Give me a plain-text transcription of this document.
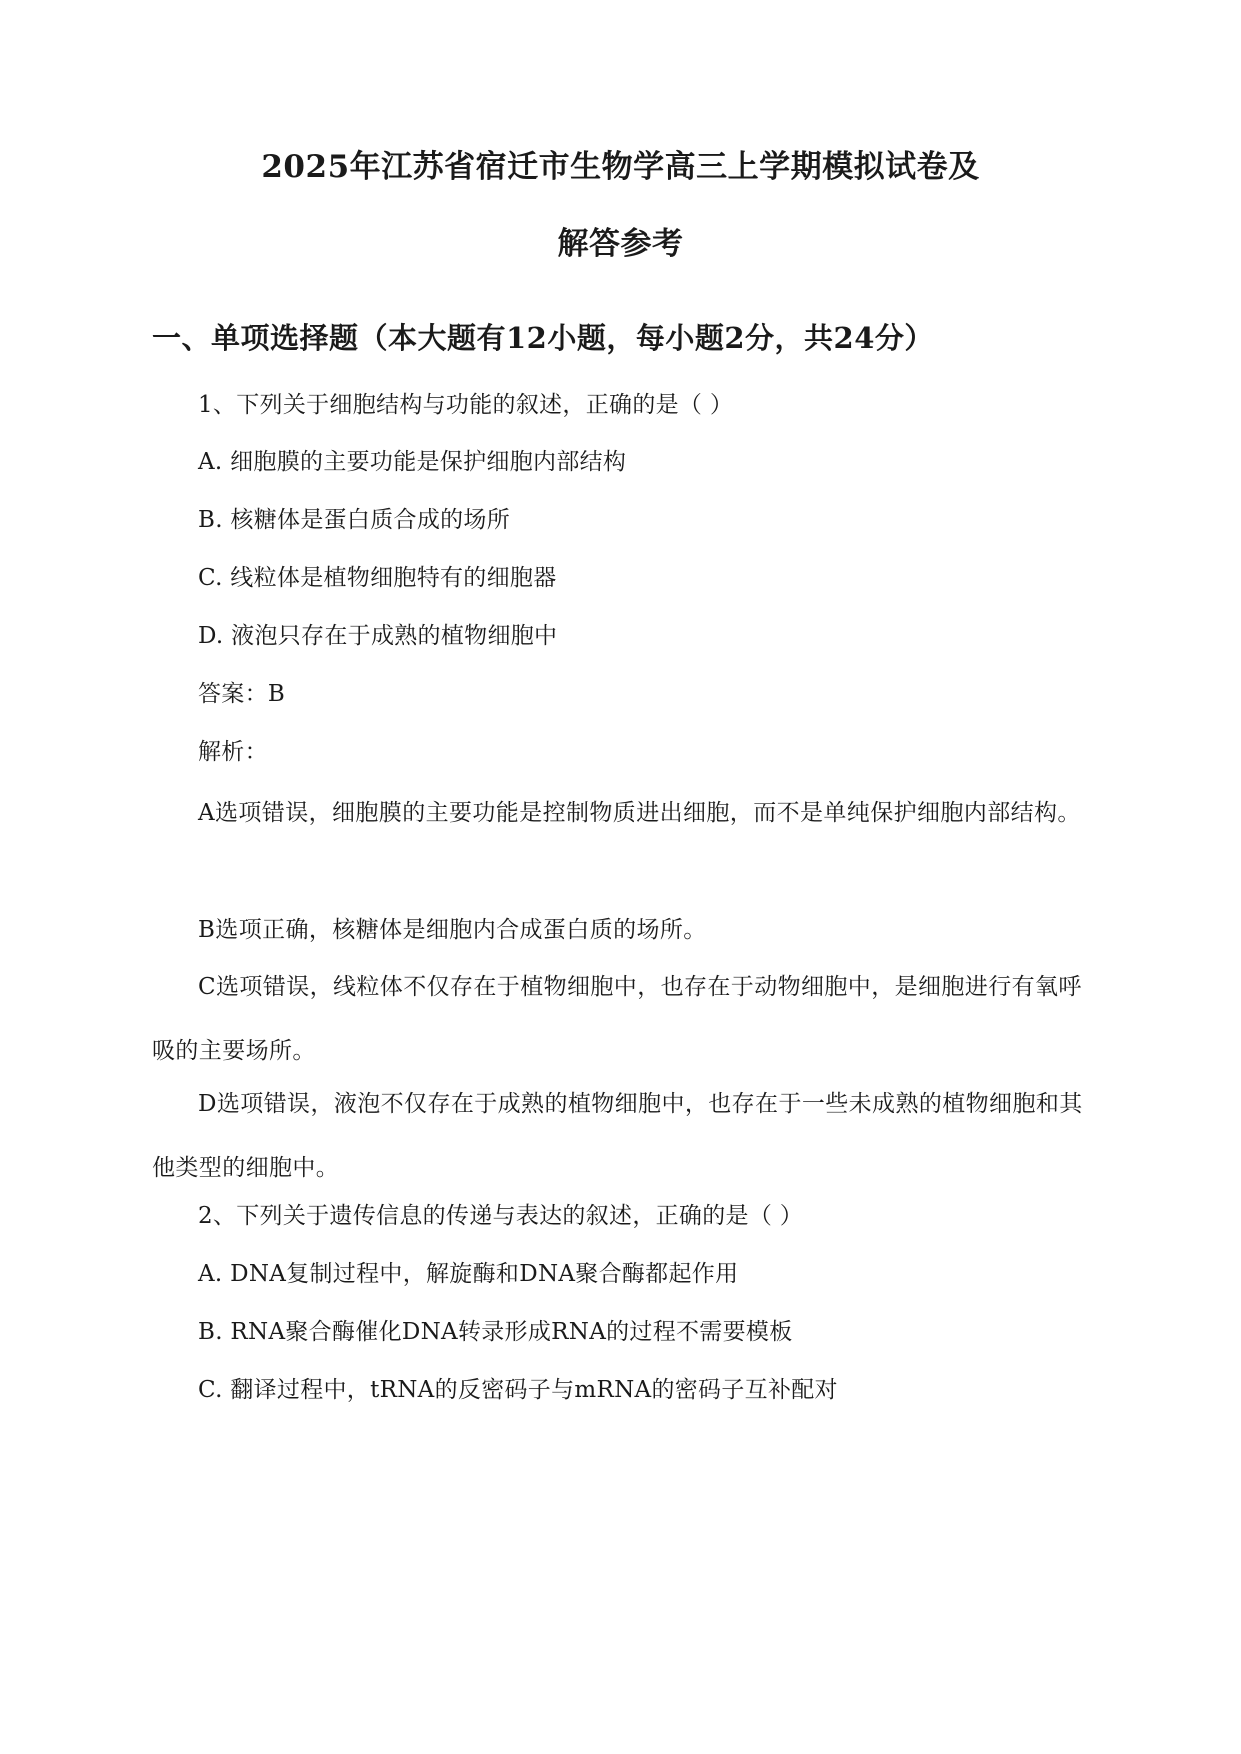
2025年江苏省宿迁市生物学高三上学期模拟试卷及
解答参考
一、单项选择题（本大题有12小题，每小题2分，共24分）
1、下列关于细胞结构与功能的叙述，正确的是（ ）
A. 细胞膜的主要功能是保护细胞内部结构
B. 核糖体是蛋白质合成的场所
C. 线粒体是植物细胞特有的细胞器
D. 液泡只存在于成熟的植物细胞中
答案：B
解析：
A选项错误，细胞膜的主要功能是控制物质进出细胞，而不是单纯保护细胞内部结构。
B选项正确，核糖体是细胞内合成蛋白质的场所。
C选项错误，线粒体不仅存在于植物细胞中，也存在于动物细胞中，是细胞进行有氧呼吸的主要场所。
D选项错误，液泡不仅存在于成熟的植物细胞中，也存在于一些未成熟的植物细胞和其他类型的细胞中。
2、下列关于遗传信息的传递与表达的叙述，正确的是（ ）
A. DNA复制过程中，解旋酶和DNA聚合酶都起作用
B. RNA聚合酶催化DNA转录形成RNA的过程不需要模板
C. 翻译过程中，tRNA的反密码子与mRNA的密码子互补配对
